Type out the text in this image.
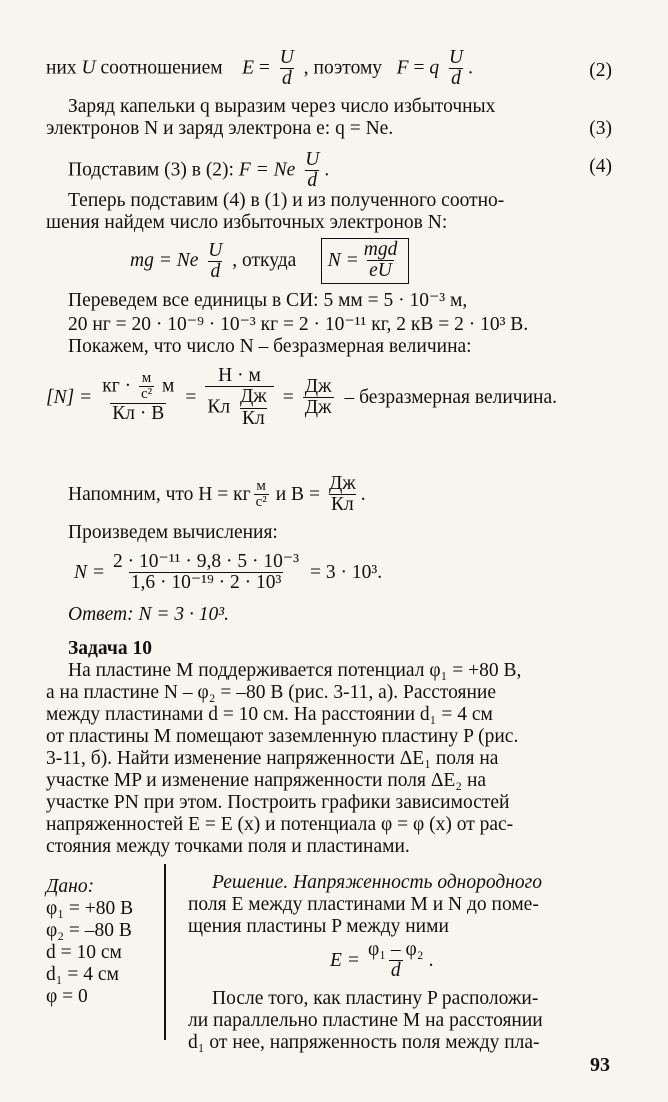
них U соотношением $E = \frac{U}{d}$ , поэтому F = q $\frac{U}{d}$ .	(2)

Заряд капельки q выразим через число избыточных

электронов N и заряд электрона e: q = Ne.	(3)
Подставим (3) в (2): F = Ne $\frac{U}{d}$ .	(4)
Теперь подставим (4) в (1) и из полученного соотно-
шения найдем число избыточных электронов N:
mg = Ne $\frac{U}{d}$ , откуда $N = \frac{\text{mgd}}{eU}$
Переведем все единицы в СИ: 5 мм = 5 · 10⁻³ м,
20 нг = 20 · 10⁻⁹ · 10⁻³ кг = 2 · 10⁻¹¹ кг, 2 кВ = 2 · 10³ В.
Покажем, что число N – безразмерная величина:
$[N] = \frac{кг \cdot \frac{м}{\text{с²}} м}{Кл \cdot В} = \frac{Н \cdot м}{Кл \frac{Дж}{Кл}} = \frac{Дж}{Дж}$ – безразмерная величина.
Напомним, что Н = кг $\frac{м}{\text{с²}}$ и $В = \frac{Дж}{Кл}$ .
Произведем вычисления:
$N = \frac{\text{2 · 10⁻¹¹ · 9,8 · 5 · 10⁻³}}{\text{1,6 · 10⁻¹⁹ · 2 · 10³}} = 3 \cdot 10^3$.
Ответ: N = 3 · 10³.
Задача 10
На пластине M поддерживается потенциал φ₁ = +80 В,
а на пластине N – φ₂ = –80 В (рис. 3-11, а). Расстояние
между пластинами d = 10 см. На расстоянии d₁ = 4 см
от пластины M помещают заземленную пластину P (рис.
3-11, б). Найти изменение напряженности ΔE₁ поля на
участке MP и изменение напряженности поля ΔE₂ на
участке PN при этом. Построить графики зависимостей
напряженностей E = E (x) и потенциала φ = φ (x) от рас-
стояния между точками поля и пластинами.
Дано:
φ₁ = +80 В
φ₂ = –80 В
d = 10 см
d₁ = 4 см
φ = 0
Решение. Напряженность однородного
поля E между пластинами M и N до поме-
щения пластины P между ними
$E = \frac{\text{φ₁ – φ₂}}{d}$ .
После того, как пластину P расположи-
ли параллельно пластине M на расстоянии
d₁ от нее, напряженность поля между пла-
93
